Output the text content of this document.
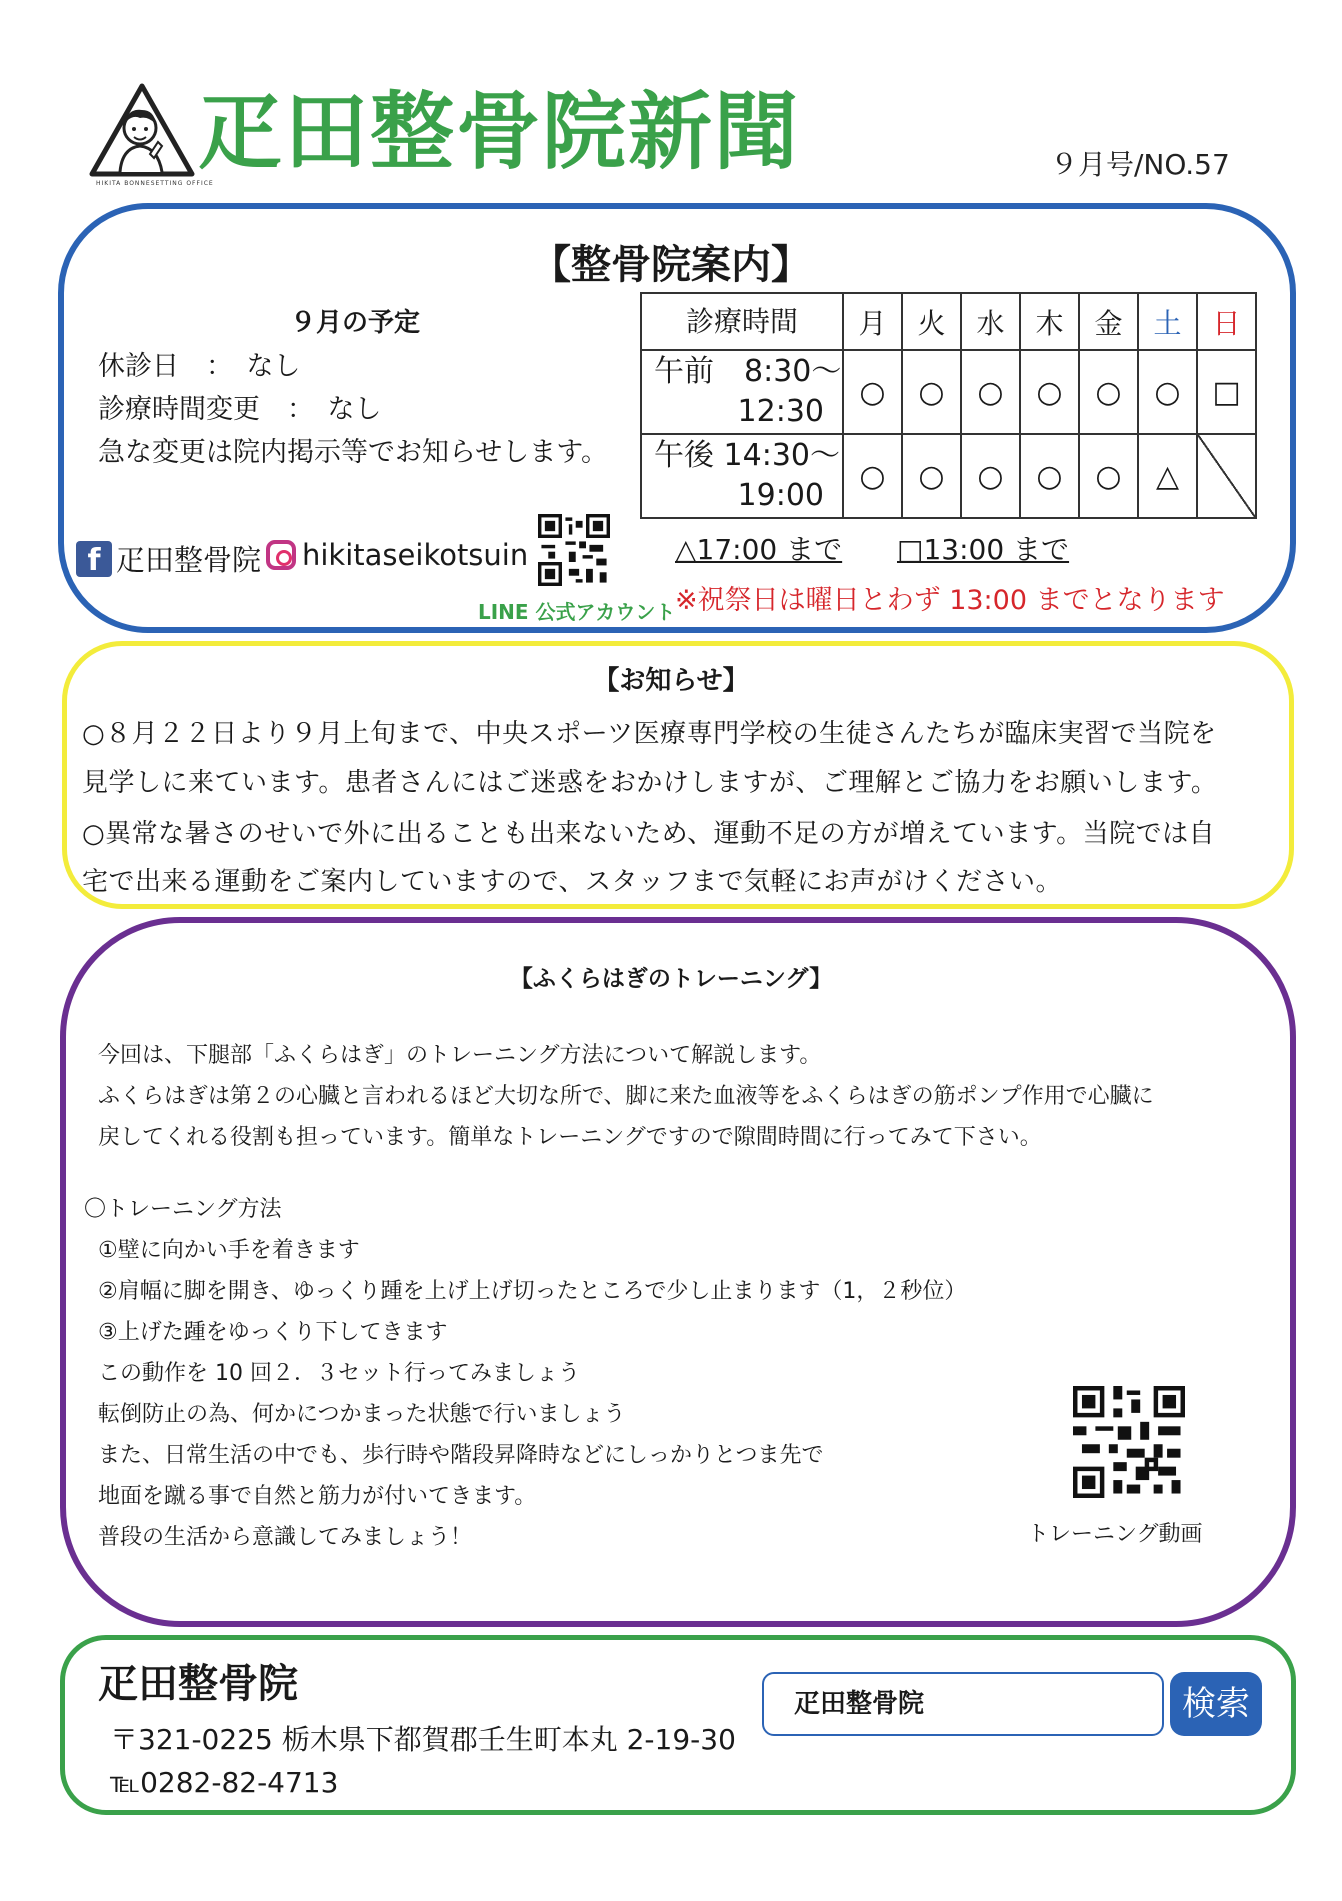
HIKITA BONNESETTING OFFICE
疋田整骨院新聞	９月号/NO.57
【整骨院案内】
９月の予定
休診日　：　なし
診療時間変更　：　なし
急な変更は院内掲示等でお知らせします。
診療時間	月	火	水	木	金	土	日
午前　8:30〜
12:30	○	○	○	○	○	○	□
午後 14:30〜
19:00	○	○	○	○	○	△	
f 疋田整骨院 hikitaseikotsuin
LINE 公式アカウント
△17:00 まで □13:00 まで
※祝祭日は曜日とわず 13:00 までとなります
【お知らせ】
○８月２２日より９月上旬まで、中央スポーツ医療専門学校の生徒さんたちが臨床実習で当院を
見学しに来ています。患者さんにはご迷惑をおかけしますが、ご理解とご協力をお願いします。
○異常な暑さのせいで外に出ることも出来ないため、運動不足の方が増えています。当院では自
宅で出来る運動をご案内していますので、スタッフまで気軽にお声がけください。
【ふくらはぎのトレーニング】
今回は、下腿部「ふくらはぎ」のトレーニング方法について解説します。
ふくらはぎは第２の心臓と言われるほど大切な所で、脚に来た血液等をふくらはぎの筋ポンプ作用で心臓に
戻してくれる役割も担っています。簡単なトレーニングですので隙間時間に行ってみて下さい。
〇トレーニング方法
①壁に向かい手を着きます
②肩幅に脚を開き、ゆっくり踵を上げ上げ切ったところで少し止まります（1，２秒位）
③上げた踵をゆっくり下してきます
この動作を 10 回２．３セット行ってみましょう
転倒防止の為、何かにつかまった状態で行いましょう
また、日常生活の中でも、歩行時や階段昇降時などにしっかりとつま先で
地面を蹴る事で自然と筋力が付いてきます。
普段の生活から意識してみましょう！	トレーニング動画
疋田整骨院
〒321-0225 栃木県下都賀郡壬生町本丸 2-19-30
℡0282-82-4713
疋田整骨院	検索
